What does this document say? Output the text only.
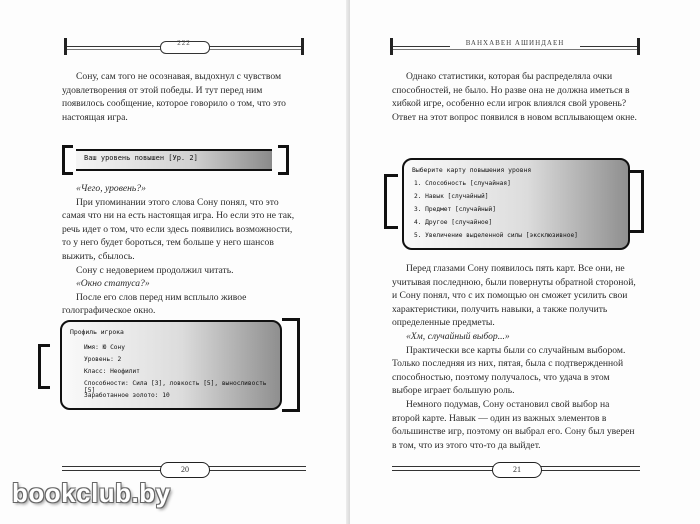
222

Сону, сам того не осознавая, выдохнул с чувством удовлетворения от этой победы. И тут перед ним появилось сообщение, которое говорило о том, что это настоящая игра.

Ваш уровень повышен [Ур. 2]

«Чего, уровень?»

При упоминании этого слова Сону понял, что это самая что ни на есть настоящая игра. Но если это не так, речь идет о том, что если здесь появились возможности, то у него будет бороться, тем больше у него шансов выжить, сбылось.

Сону с недоверием продолжил читать.

«Окно статуса?»

После его слов перед ним всплыло живое голографическое окно.

Профиль игрока
Имя: Ю Сону
Уровень: 2
Класс: Неофилит
Способности: Сила [3], ловкость [5], выносливость [5]
Заработанное золото: 10
20
ВАНХАВЕН АШИНДАЕН

Однако статистики, которая бы распределяла очки способностей, не было. Но разве она не должна иметься в хибкой игре, особенно если игрок влиялся свой уровень? Ответ на этот вопрос появился в новом всплывающем окне.

Выберите карту повышения уровня
1. Способность [случайная]
2. Навык [случайный]
3. Предмет [случайный]
4. Другое [случайное]
5. Увеличение выделенной силы [эксклюзивное]

Перед глазами Сону появилось пять карт. Все они, не учитывая последнюю, были повернуты обратной стороной, и Сону понял, что с их помощью он сможет усилить свои характеристики, получить навыки, а также получить определенные предметы.

«Хм, случайный выбор...»

Практически все карты были со случайным выбором. Только последняя из них, пятая, была с подтвержденной способностью, поэтому получалось, что удача в этом выборе играет большую роль.

Немного подумав, Сону остановил свой выбор на второй карте. Навык — один из важных элементов в большинстве игр, поэтому он выбрал его. Сону был уверен в том, что из этого что-то да выйдет.

21
bookclub.by
